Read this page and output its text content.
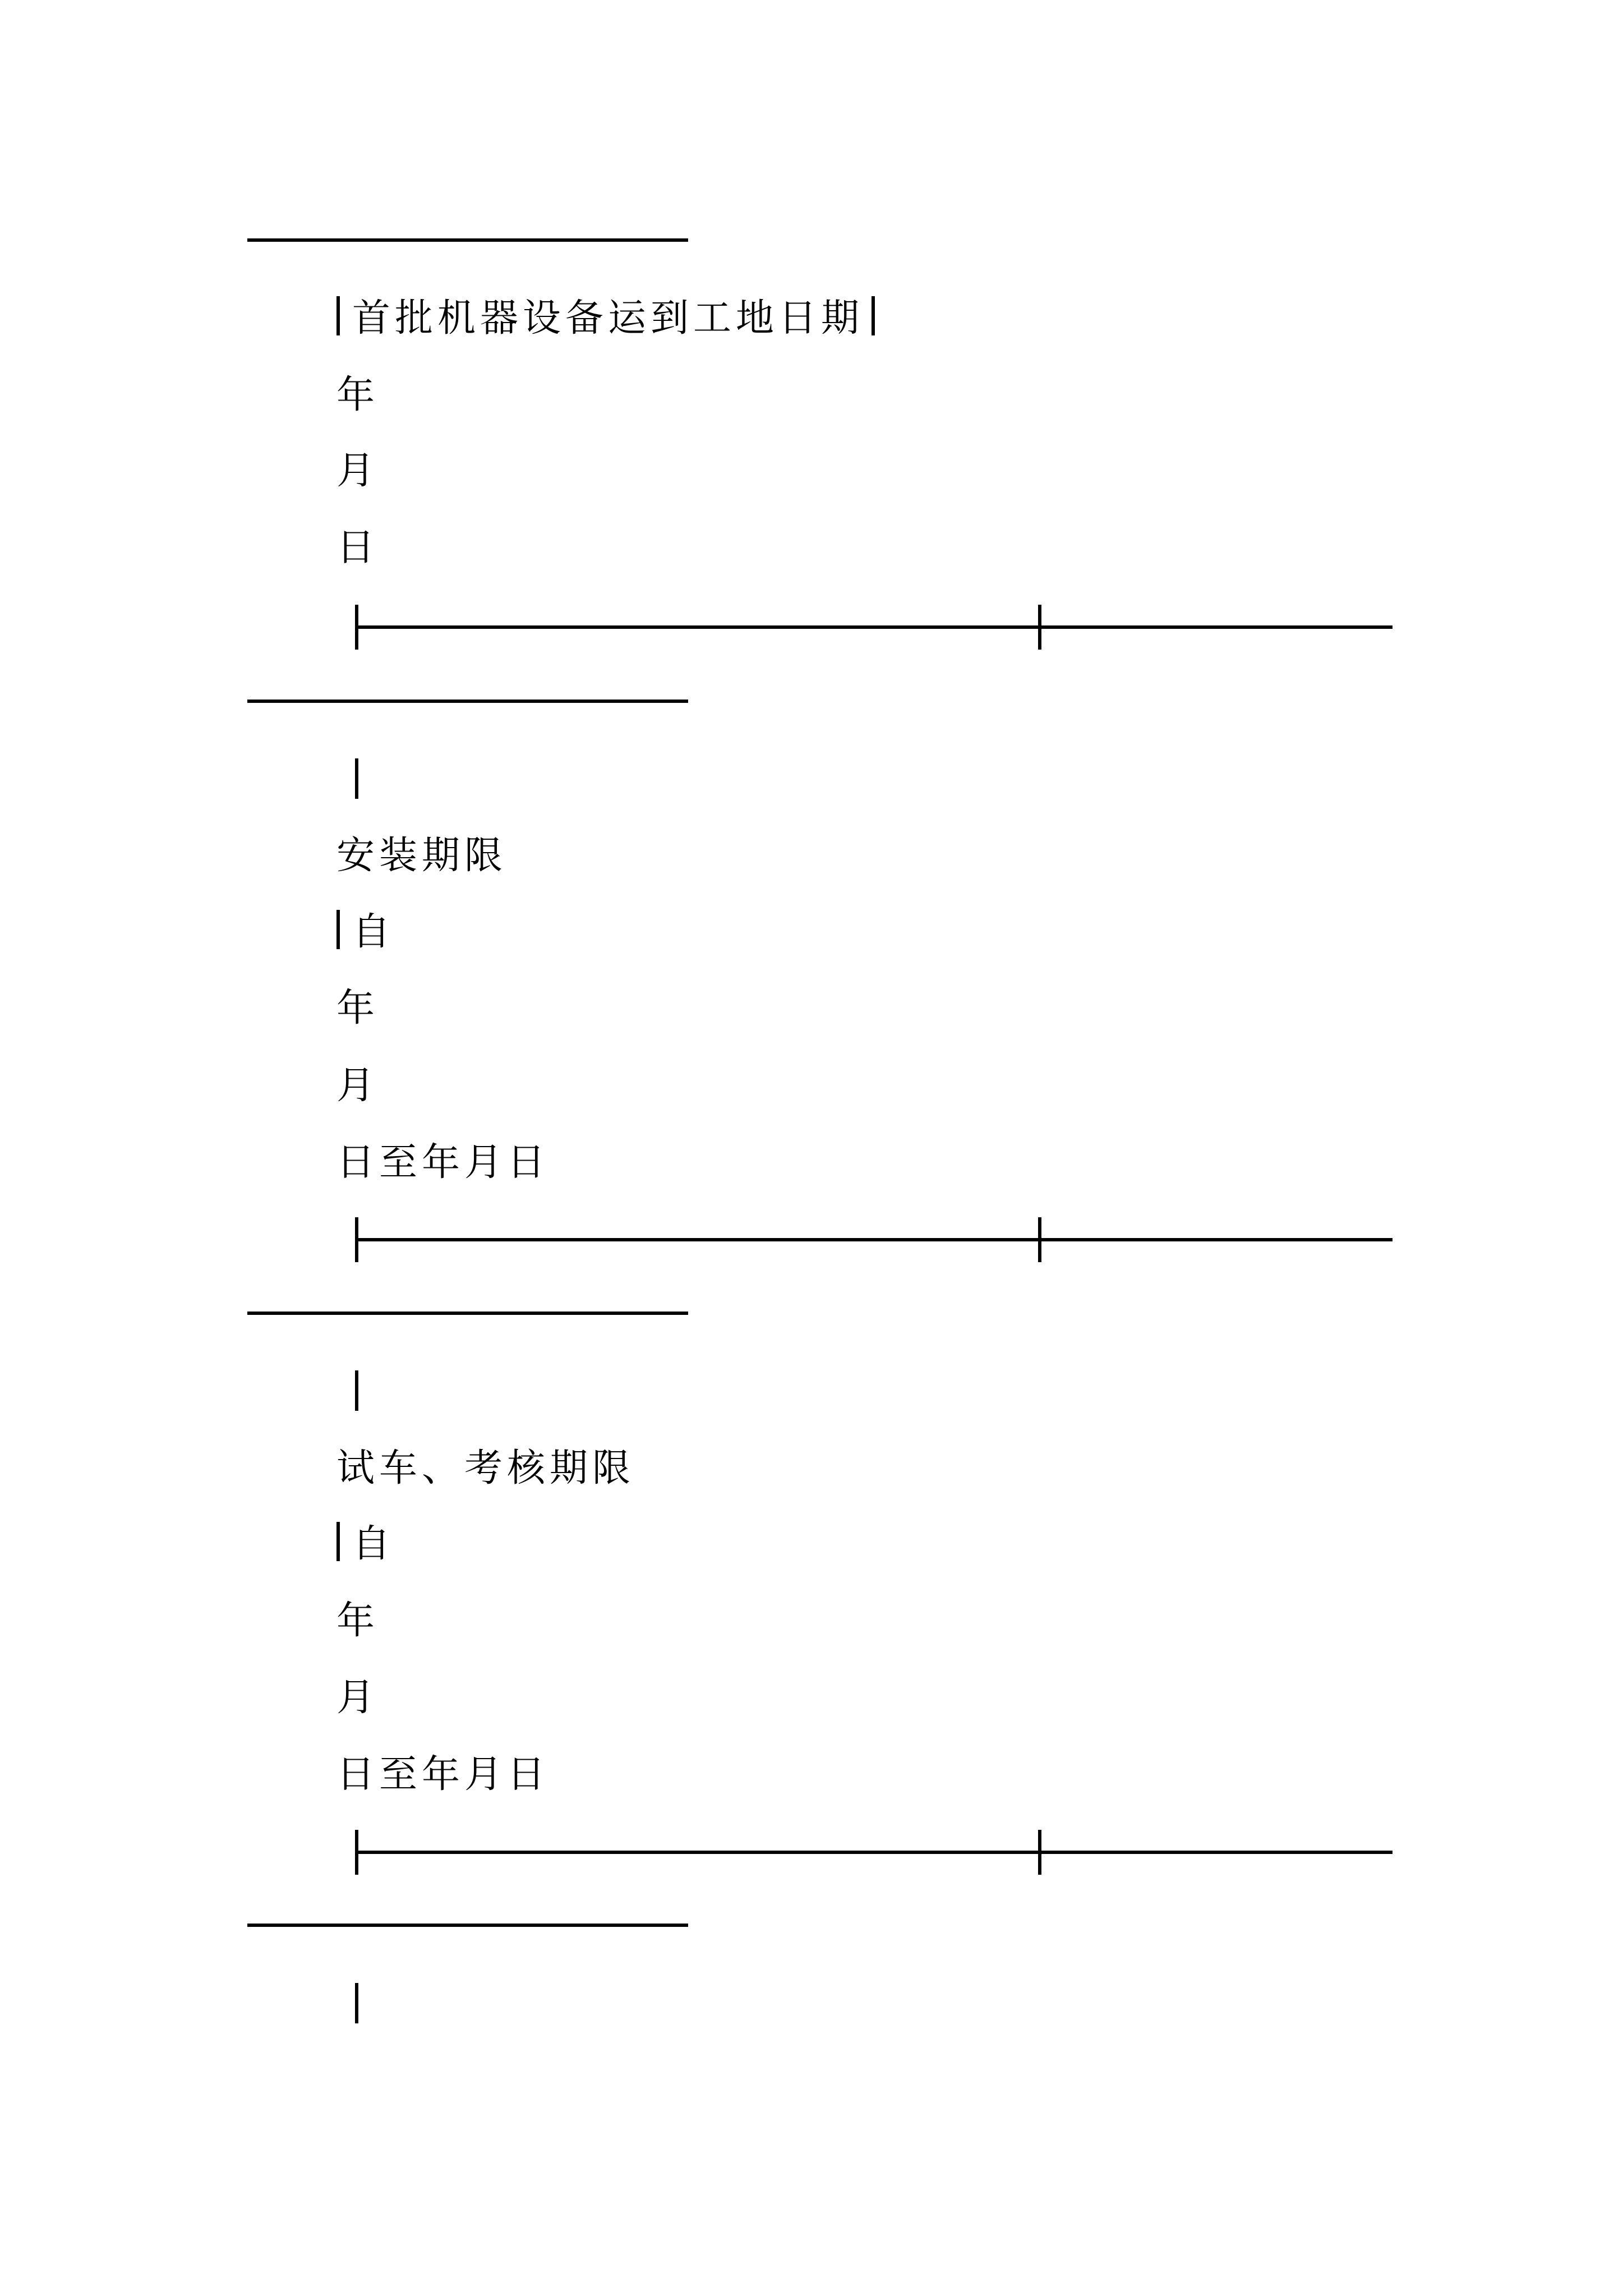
首批机器设备运到工地日期
年
月
日
安装期限
自
年
月
日至年月日
试车、考核期限
自
年
月
日至年月日
